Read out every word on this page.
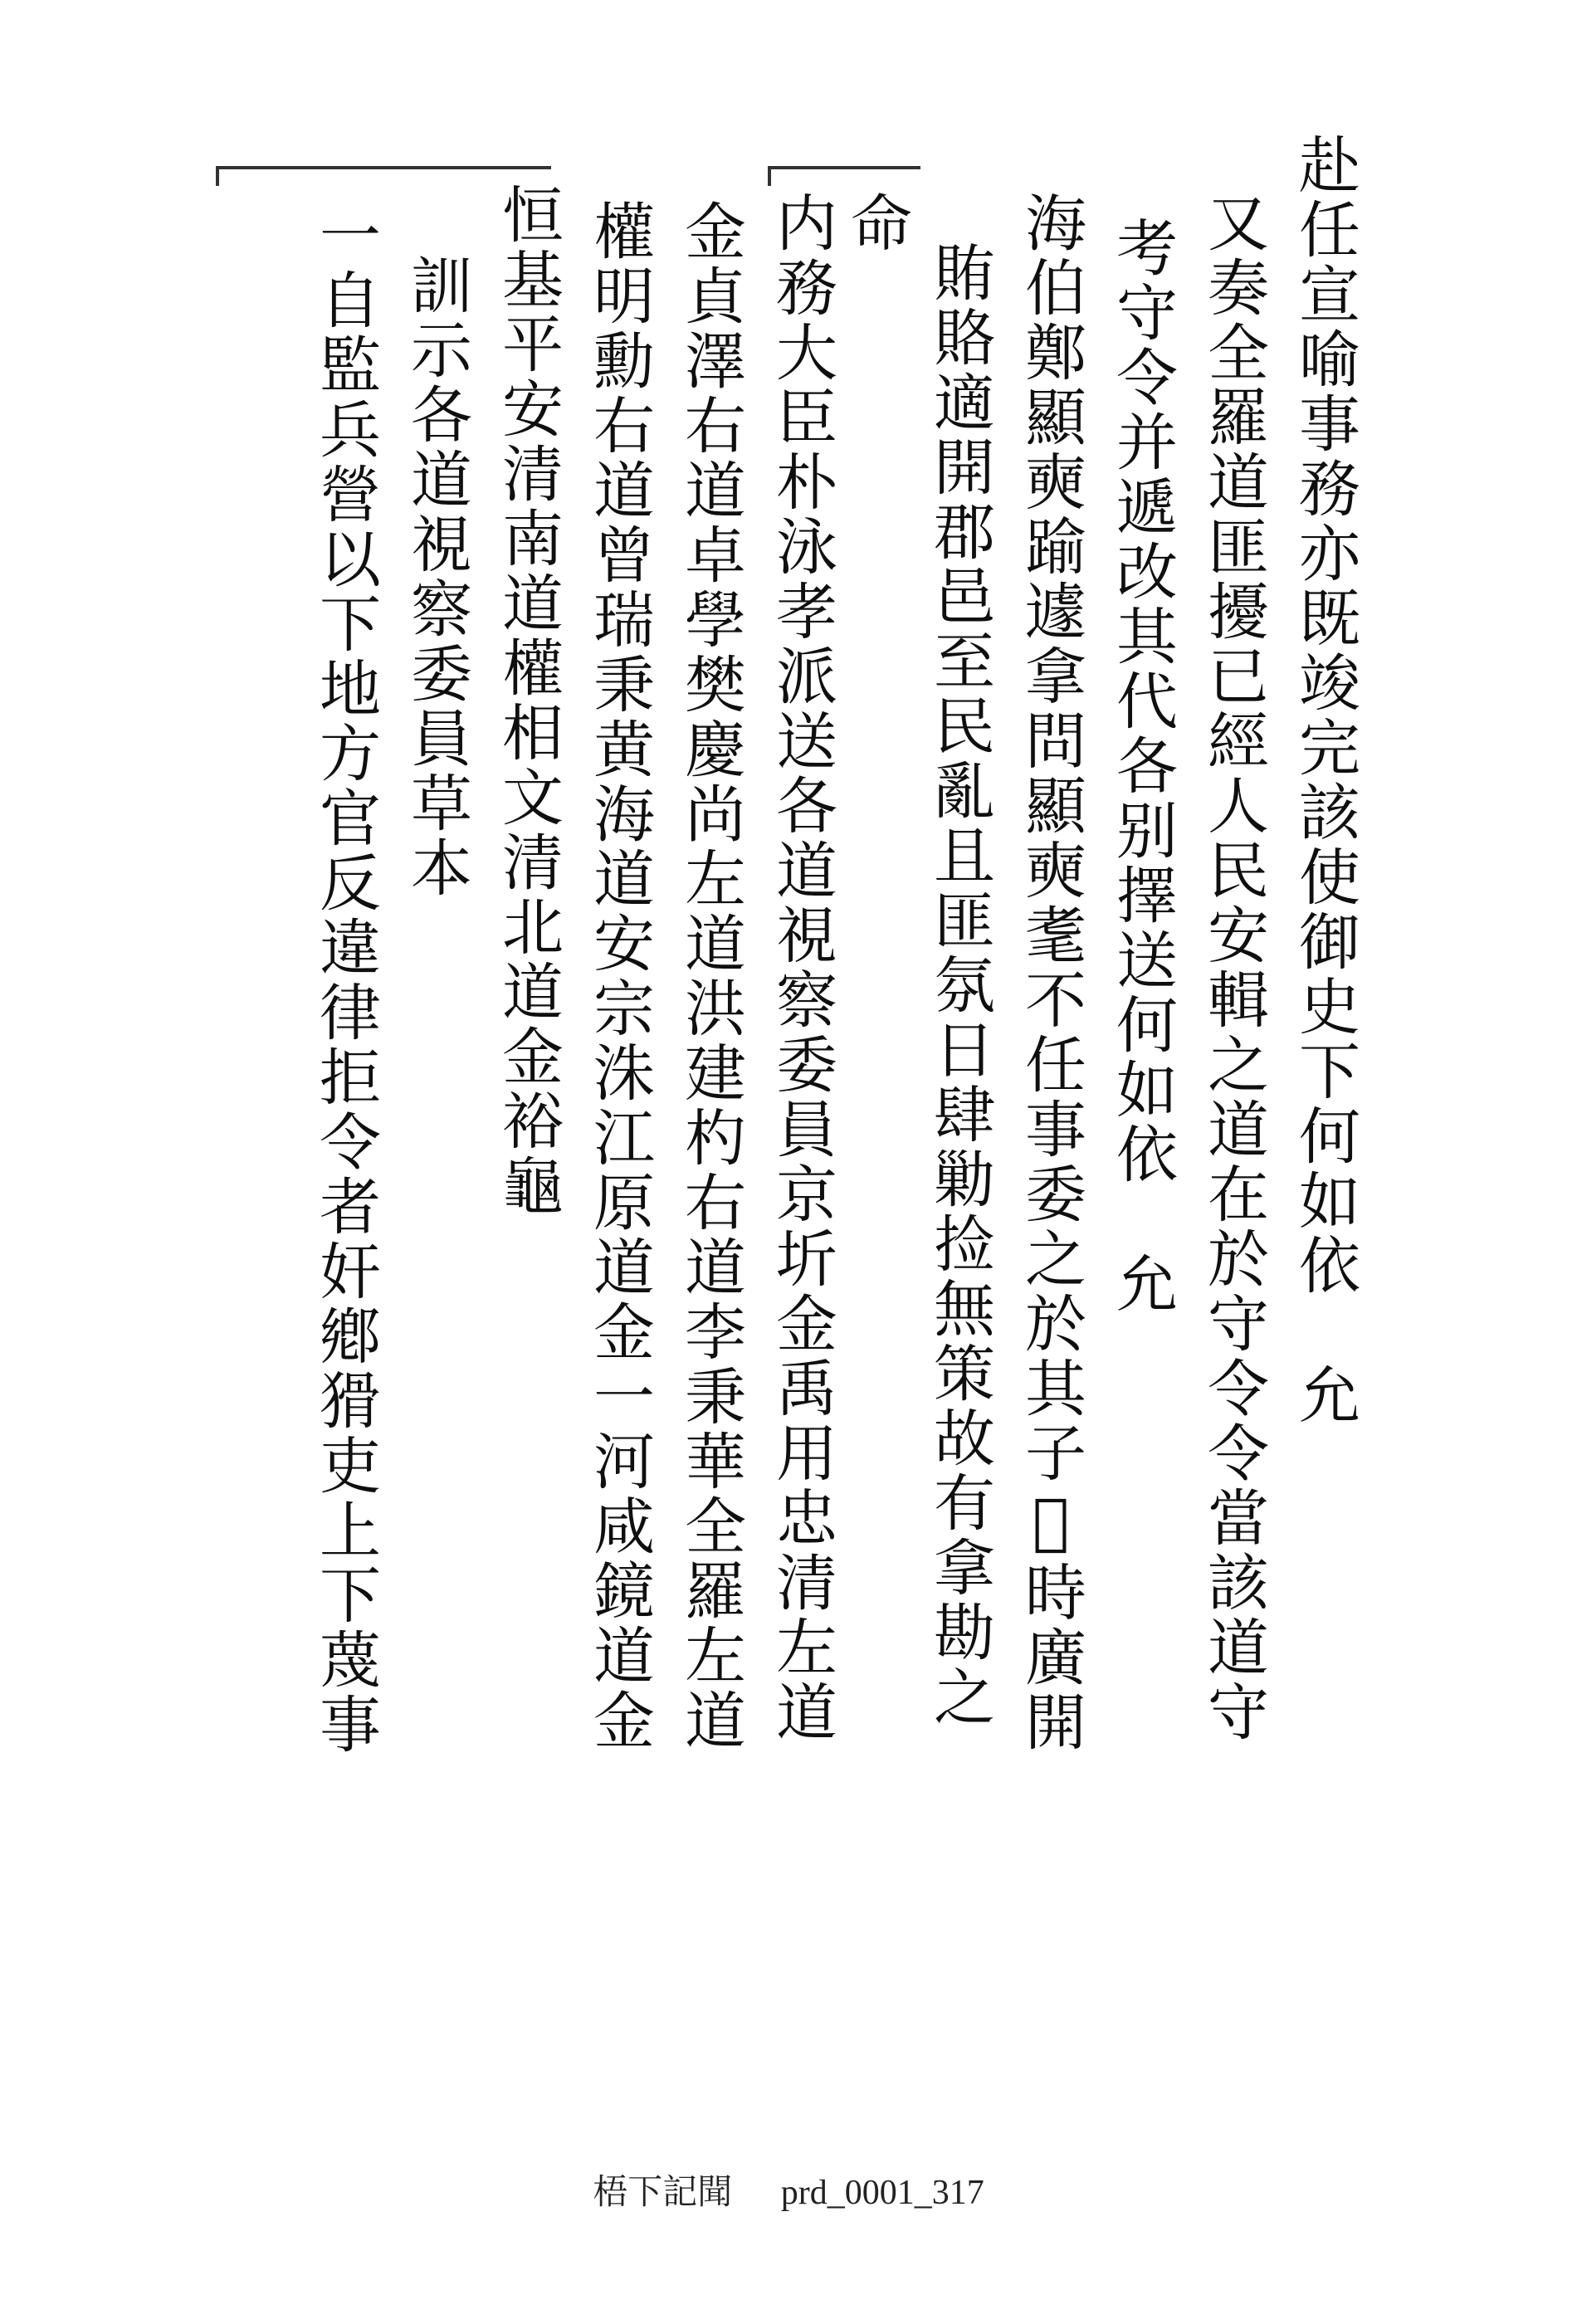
赴任宣喻事務亦既竣完該使御史下何如依　允
又奏全羅道匪擾已經人民安輯之道在於守令令當該道守
考守令并遞改其代各别擇送何如依　允
海伯鄭顯奭踰遽拿問顯奭耄不任事委之於其子𢃿時廣開
賄賂適開郡邑至民亂且匪氛日肆勦捡無策故有拿勘之
命
内務大臣朴泳孝派送各道視察委員京圻金禹用忠清左道
金貞澤右道卓學樊慶尚左道洪建杓右道李秉華全羅左道
權明勳右道曾瑞秉黄海道安宗洙江原道金一河咸鏡道金
恒基平安清南道權相文清北道金裕龜
訓示各道視察委員草本
一自監兵營以下地方官反違律拒令者奸鄕猾吏上下蔑事
梧下記聞 prd_0001_317
